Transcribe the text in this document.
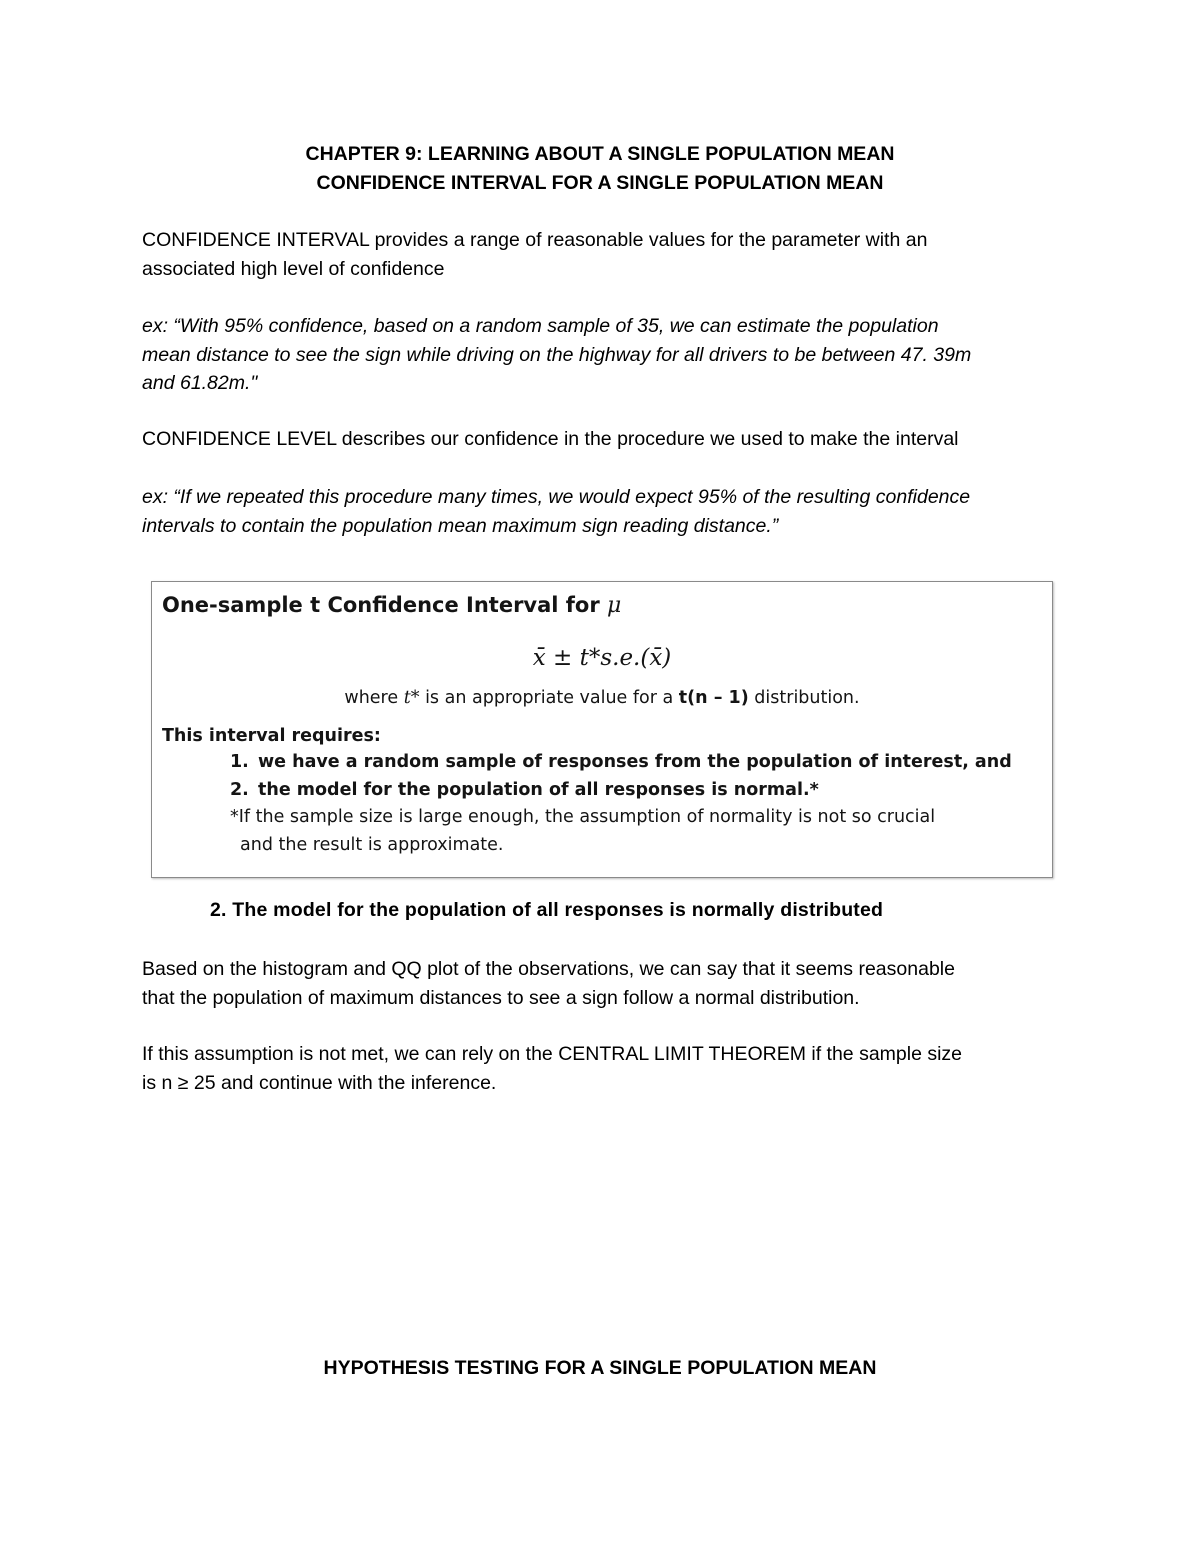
CHAPTER 9: LEARNING ABOUT A SINGLE POPULATION MEAN

CONFIDENCE INTERVAL FOR A SINGLE POPULATION MEAN

CONFIDENCE INTERVAL provides a range of reasonable values for the parameter with an

associated high level of confidence

ex: “With 95% confidence, based on a random sample of 35, we can estimate the population

mean distance to see the sign while driving on the highway for all drivers to be between 47. 39m

and 61.82m."

CONFIDENCE LEVEL describes our confidence in the procedure we used to make the interval

ex: “If we repeated this procedure many times, we would expect 95% of the resulting confidence

intervals to contain the population mean maximum sign reading distance.”

One-sample t Confidence Interval for μ
x̄ ± t*s.e.(x̄)
where t* is an appropriate value for a t(n – 1) distribution.
This interval requires:
1. we have a random sample of responses from the population of interest, and
2. the model for the population of all responses is normal.*
*If the sample size is large enough, the assumption of normality is not so crucial
and the result is approximate.
2. The model for the population of all responses is normally distributed

Based on the histogram and QQ plot of the observations, we can say that it seems reasonable

that the population of maximum distances to see a sign follow a normal distribution.

If this assumption is not met, we can rely on the CENTRAL LIMIT THEOREM if the sample size

is n ≥ 25 and continue with the inference.

HYPOTHESIS TESTING FOR A SINGLE POPULATION MEAN
